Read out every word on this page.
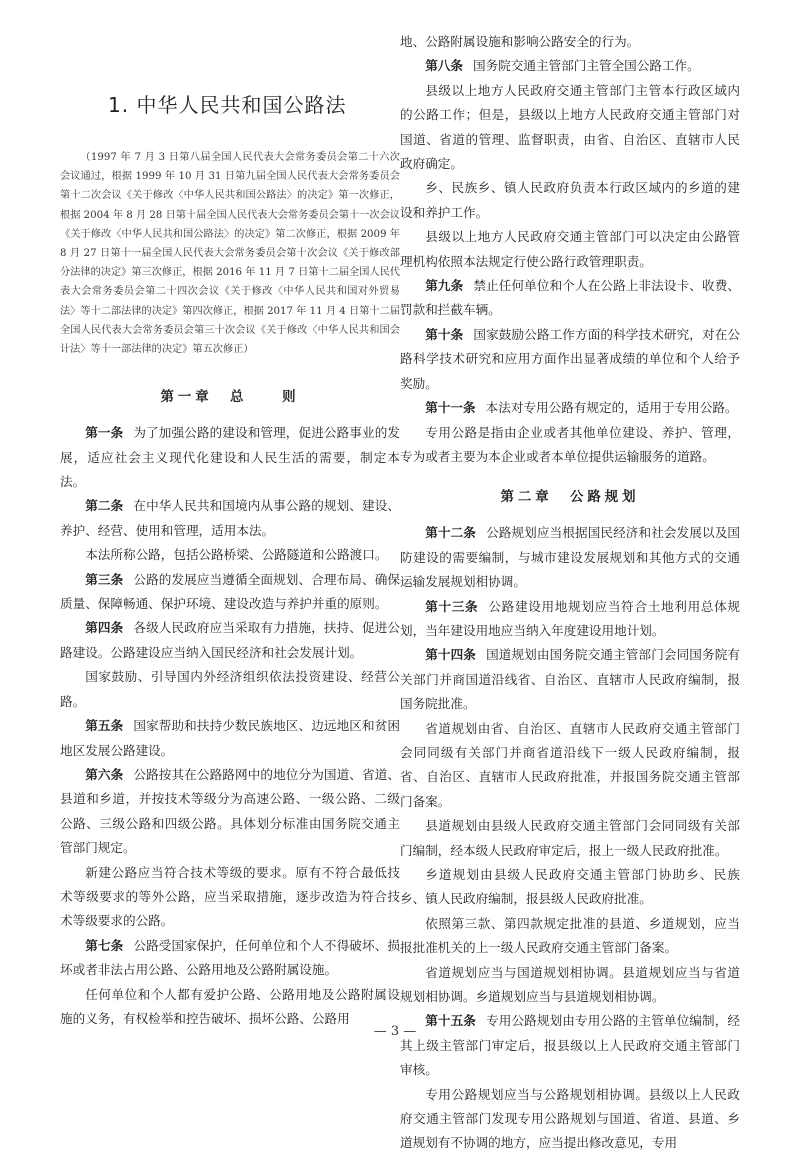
1. 中华人民共和国公路法

（1997 年 7 月 3 日第八届全国人民代表大会常务委员会第二十六次会议通过，根据 1999 年 10 月 31 日第九届全国人民代表大会常务委员会第十二次会议《关于修改〈中华人民共和国公路法〉的决定》第一次修正，根据 2004 年 8 月 28 日第十届全国人民代表大会常务委员会第十一次会议《关于修改〈中华人民共和国公路法〉的决定》第二次修正，根据 2009 年 8 月 27 日第十一届全国人民代表大会常务委员会第十次会议《关于修改部分法律的决定》第三次修正，根据 2016 年 11 月 7 日第十二届全国人民代表大会常务委员会第二十四次会议《关于修改〈中华人民共和国对外贸易法〉等十二部法律的决定》第四次修正，根据 2017 年 11 月 4 日第十二届全国人民代表大会常务委员会第三十次会议《关于修改〈中华人民共和国会计法〉等十一部法律的决定》第五次修正）

第一章　总　　则

第一条 为了加强公路的建设和管理，促进公路事业的发展，适应社会主义现代化建设和人民生活的需要，制定本法。

第二条 在中华人民共和国境内从事公路的规划、建设、养护、经营、使用和管理，适用本法。

本法所称公路，包括公路桥梁、公路隧道和公路渡口。

第三条 公路的发展应当遵循全面规划、合理布局、确保质量、保障畅通、保护环境、建设改造与养护并重的原则。

第四条 各级人民政府应当采取有力措施，扶持、促进公路建设。公路建设应当纳入国民经济和社会发展计划。

国家鼓励、引导国内外经济组织依法投资建设、经营公路。

第五条 国家帮助和扶持少数民族地区、边远地区和贫困地区发展公路建设。

第六条 公路按其在公路路网中的地位分为国道、省道、县道和乡道，并按技术等级分为高速公路、一级公路、二级公路、三级公路和四级公路。具体划分标准由国务院交通主管部门规定。

新建公路应当符合技术等级的要求。原有不符合最低技术等级要求的等外公路，应当采取措施，逐步改造为符合技术等级要求的公路。

第七条 公路受国家保护，任何单位和个人不得破坏、损坏或者非法占用公路、公路用地及公路附属设施。

任何单位和个人都有爱护公路、公路用地及公路附属设施的义务，有权检举和控告破坏、损坏公路、公路用

地、公路附属设施和影响公路安全的行为。

第八条 国务院交通主管部门主管全国公路工作。

县级以上地方人民政府交通主管部门主管本行政区域内的公路工作；但是，县级以上地方人民政府交通主管部门对国道、省道的管理、监督职责，由省、自治区、直辖市人民政府确定。

乡、民族乡、镇人民政府负责本行政区域内的乡道的建设和养护工作。

县级以上地方人民政府交通主管部门可以决定由公路管理机构依照本法规定行使公路行政管理职责。

第九条 禁止任何单位和个人在公路上非法设卡、收费、罚款和拦截车辆。

第十条 国家鼓励公路工作方面的科学技术研究，对在公路科学技术研究和应用方面作出显著成绩的单位和个人给予奖励。

第十一条 本法对专用公路有规定的，适用于专用公路。

专用公路是指由企业或者其他单位建设、养护、管理，专为或者主要为本企业或者本单位提供运输服务的道路。

第二章　公路规划

第十二条 公路规划应当根据国民经济和社会发展以及国防建设的需要编制，与城市建设发展规划和其他方式的交通运输发展规划相协调。

第十三条 公路建设用地规划应当符合土地利用总体规划，当年建设用地应当纳入年度建设用地计划。

第十四条 国道规划由国务院交通主管部门会同国务院有关部门并商国道沿线省、自治区、直辖市人民政府编制，报国务院批准。

省道规划由省、自治区、直辖市人民政府交通主管部门会同同级有关部门并商省道沿线下一级人民政府编制，报省、自治区、直辖市人民政府批准，并报国务院交通主管部门备案。

县道规划由县级人民政府交通主管部门会同同级有关部门编制，经本级人民政府审定后，报上一级人民政府批准。

乡道规划由县级人民政府交通主管部门协助乡、民族乡、镇人民政府编制，报县级人民政府批准。

依照第三款、第四款规定批准的县道、乡道规划，应当报批准机关的上一级人民政府交通主管部门备案。

省道规划应当与国道规划相协调。县道规划应当与省道规划相协调。乡道规划应当与县道规划相协调。

第十五条 专用公路规划由专用公路的主管单位编制，经其上级主管部门审定后，报县级以上人民政府交通主管部门审核。

专用公路规划应当与公路规划相协调。县级以上人民政府交通主管部门发现专用公路规划与国道、省道、县道、乡道规划有不协调的地方，应当提出修改意见，专用

— 3 —
